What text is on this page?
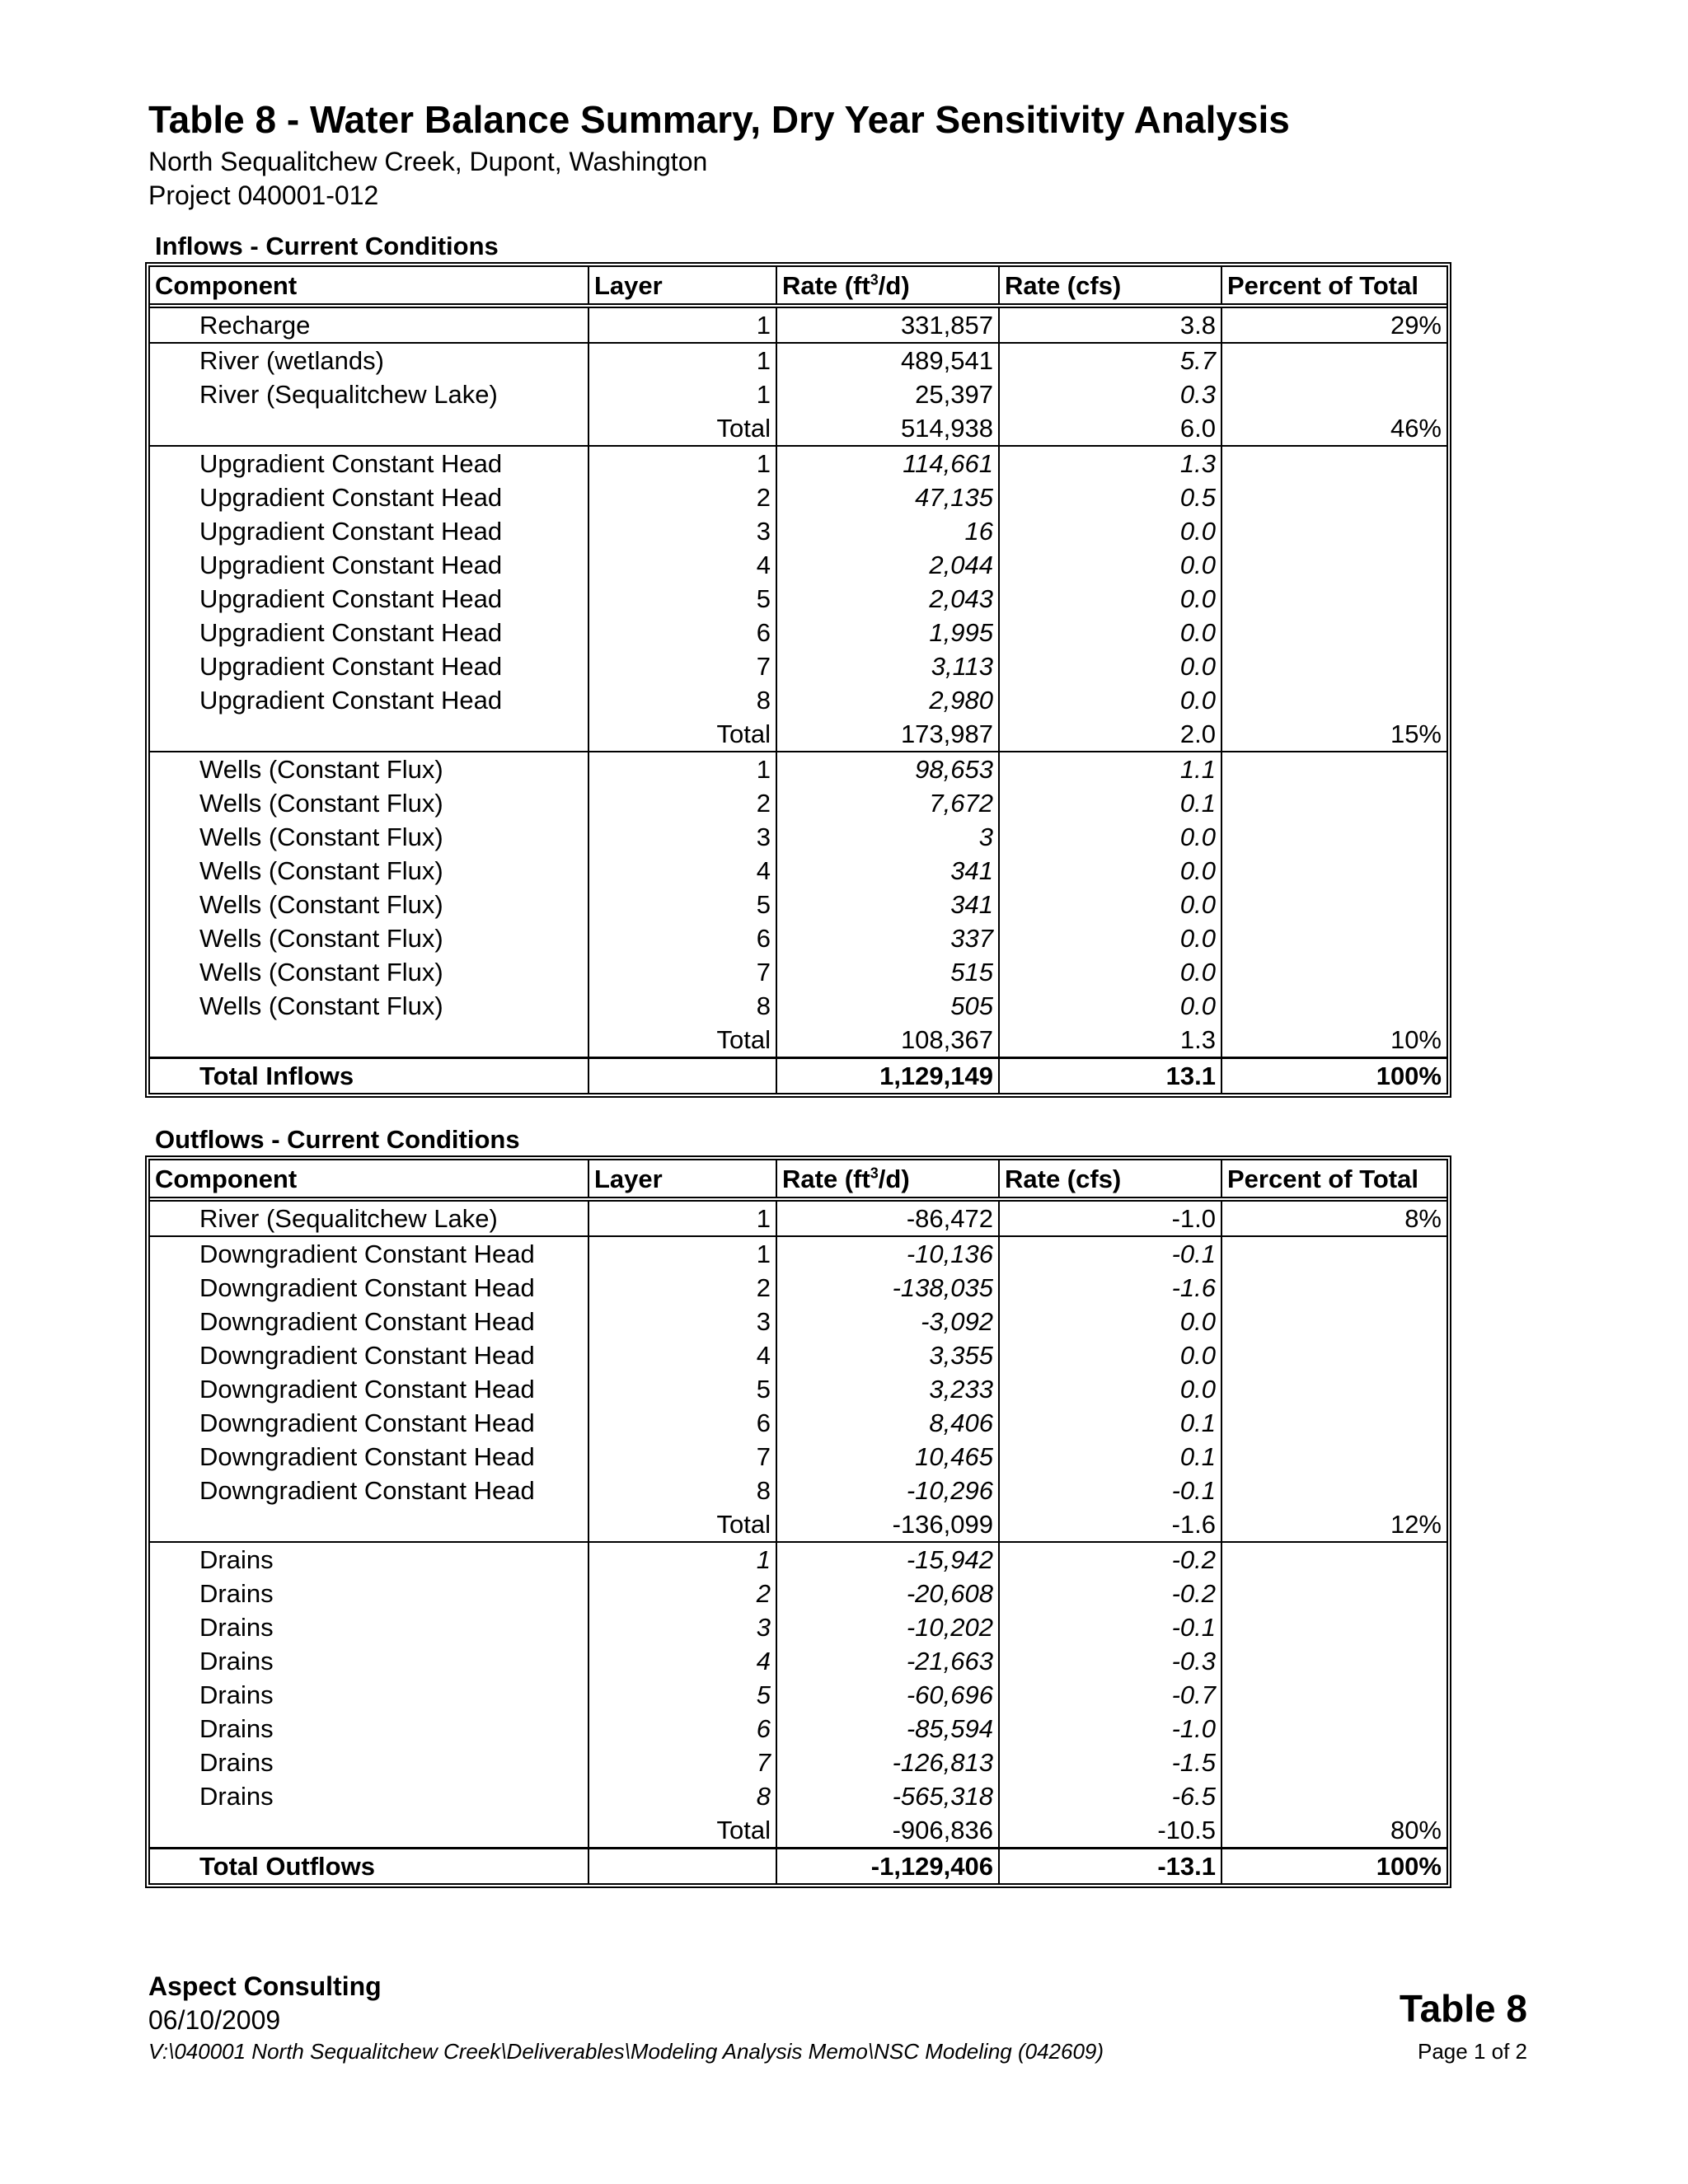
Table 8 - Water Balance Summary, Dry Year Sensitivity Analysis
North Sequalitchew Creek, Dupont, Washington
Project 040001-012
Inflows - Current Conditions
Component	Layer	Rate $(ft^3/d)$	Rate (cfs)	Percent of Total
Recharge	1	331,857	3.8	29%
River (wetlands)	1	489,541	5.7	
River (Sequalitchew Lake)	1	25,397	0.3	
	Total	514,938	6.0	46%
Upgradient Constant Head	1	114,661	1.3	
Upgradient Constant Head	2	47,135	0.5	
Upgradient Constant Head	3	16	0.0	
Upgradient Constant Head	4	2,044	0.0	
Upgradient Constant Head	5	2,043	0.0	
Upgradient Constant Head	6	1,995	0.0	
Upgradient Constant Head	7	3,113	0.0	
Upgradient Constant Head	8	2,980	0.0	
	Total	173,987	2.0	15%
Wells (Constant Flux)	1	98,653	1.1	
Wells (Constant Flux)	2	7,672	0.1	
Wells (Constant Flux)	3	3	0.0	
Wells (Constant Flux)	4	341	0.0	
Wells (Constant Flux)	5	341	0.0	
Wells (Constant Flux)	6	337	0.0	
Wells (Constant Flux)	7	515	0.0	
Wells (Constant Flux)	8	505	0.0	
	Total	108,367	1.3	10%
Total Inflows		1,129,149	13.1	100%
Outflows - Current Conditions
Component	Layer	Rate $(ft^3/d)$	Rate (cfs)	Percent of Total
River (Sequalitchew Lake)	1	-86,472	-1.0	8%
Downgradient Constant Head	1	-10,136	-0.1	
Downgradient Constant Head	2	-138,035	-1.6	
Downgradient Constant Head	3	-3,092	0.0	
Downgradient Constant Head	4	3,355	0.0	
Downgradient Constant Head	5	3,233	0.0	
Downgradient Constant Head	6	8,406	0.1	
Downgradient Constant Head	7	10,465	0.1	
Downgradient Constant Head	8	-10,296	-0.1	
	Total	-136,099	-1.6	12%
Drains	1	-15,942	-0.2	
Drains	2	-20,608	-0.2	
Drains	3	-10,202	-0.1	
Drains	4	-21,663	-0.3	
Drains	5	-60,696	-0.7	
Drains	6	-85,594	-1.0	
Drains	7	-126,813	-1.5	
Drains	8	-565,318	-6.5	
	Total	-906,836	-10.5	80%
Total Outflows		-1,129,406	-13.1	100%
Aspect Consulting
06/10/2009
V:\040001 North Sequalitchew Creek\Deliverables\Modeling Analysis Memo\NSC Modeling (042609)
Table 8
Page 1 of 2
